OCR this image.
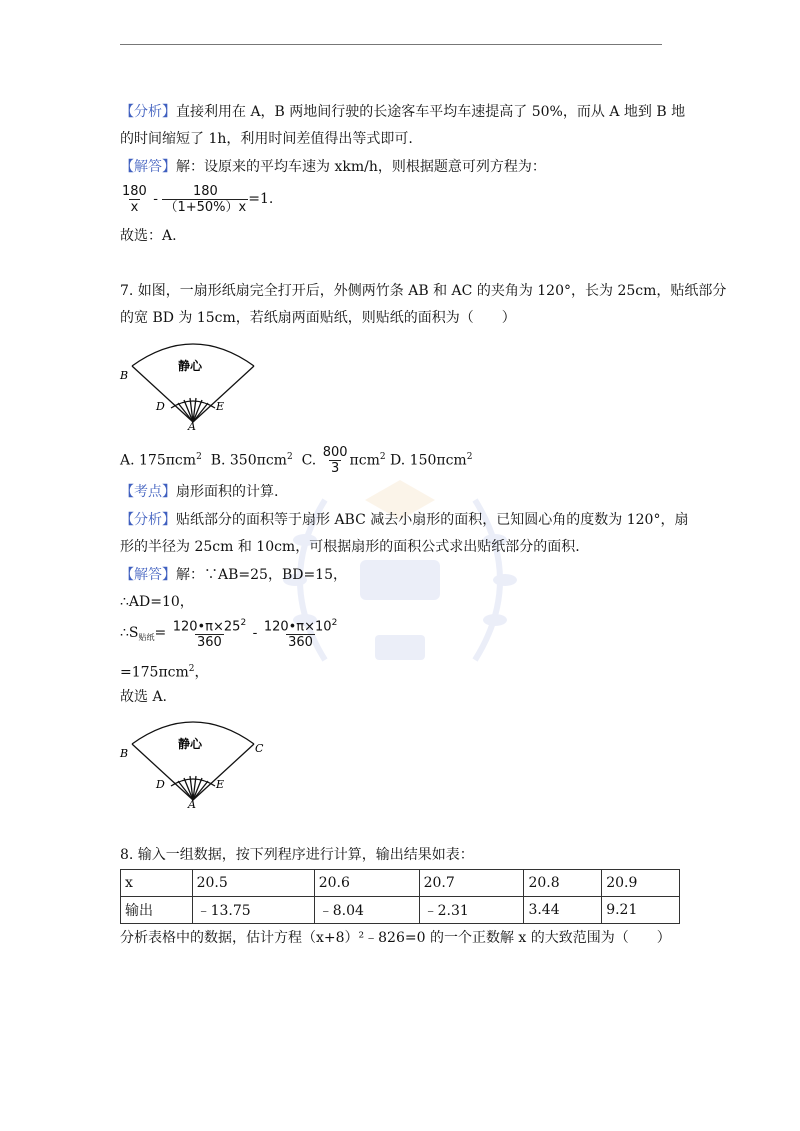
【分析】直接利用在 A，B 两地间行驶的长途客车平均车速提高了 50%，而从 A 地到 B 地
的时间缩短了 1h，利用时间差值得出等式即可.
【解答】解：设原来的平均车速为 xkm/h，则根据题意可列方程为：
$\frac{180}{x} - \frac{180}{(1+50\%)x} =1$.
故选：A.
7. 如图，一扇形纸扇完全打开后，外侧两竹条 AB 和 AC 的夹角为 120°，长为 25cm，贴纸部分
的宽 BD 为 15cm，若纸扇两面贴纸，则贴纸的面积为（　　）
静心
B
D	E
A
A. 175πcm$^2$ B. 350πcm$^2$ C. $\frac{800}{3} \pi cm^2$ D. 150πcm$^2$
【考点】扇形面积的计算.
【分析】贴纸部分的面积等于扇形 ABC 减去小扇形的面积，已知圆心角的度数为 120°，扇
形的半径为 25cm 和 10cm，可根据扇形的面积公式求出贴纸部分的面积.
【解答】解：∵AB=25，BD=15，
∴AD=10，
$\therefore S_{贴纸}= \frac{120•\pi\times 25^2}{360} - \frac{120•\pi\times 10^2}{360}$
=175πcm$^2$，
故选 A.
静心
B	C
D	E
A
8. 输入一组数据，按下列程序进行计算，输出结果如表：
x	20.5	20.6	20.7	20.8	20.9
输出	﹣13.75	﹣8.04	﹣2.31	3.44	9.21
分析表格中的数据，估计方程（x+8）²﹣826=0 的一个正数解 x 的大致范围为（　　）
